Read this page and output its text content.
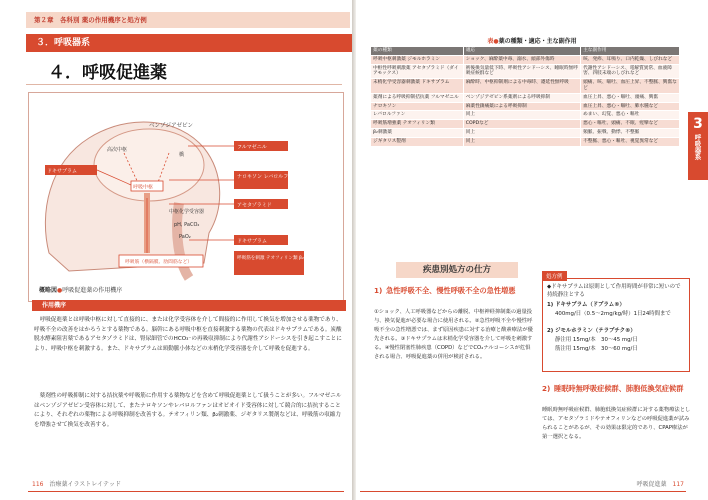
第２章　各科別 薬の作用機序と処方例
３．呼吸器系
４．呼吸促進薬
ベンゾジアゼピン
高次中枢
橋
呼吸中枢
中枢化学受容器
pH, PaCO₂
PaO₂
呼吸筋（横隔膜、肋間筋など）
ドキサプラム
フルマゼニル
ナロキソン レバロルファン
アセタゾラミド
ドキサプラム
呼吸筋を刺激 テオフィリン類 β₂刺激薬、ジギタリス
概略図●呼吸促進薬の作用機序
作用機序

呼吸促進薬とは呼吸中枢に対して直接的に、または化学受容体を介して間接的に作用して換気を増加させる薬物であり、呼吸不全の改善をはかろうとする薬物である。脳幹にある呼吸中枢を直接刺激する薬物の代表はドキサプラムである。炭酸脱水酵素阻害薬であるアセタゾラミドは、腎尿細管でのHCO₃⁻の再吸収抑制により代謝性アシドーシスを引き起こすことにより、呼吸中枢を刺激する。また、ドキサプラムは頸動脈小体などの末梢化学受容器を介して呼吸を促進する。

薬剤性の呼吸抑制に対する拮抗薬や呼吸筋に作用する薬物などを含めて呼吸促進薬として扱うことが多い。フルマゼニルはベンゾジアゼピン受容体に対して、またナロキソンやレバロルファンはオピオイド受容体に対して競合的に拮抗することにより、それぞれの薬物による呼吸抑制を改善する。テオフィリン類、β₂刺激薬、ジギタリス製剤などは、呼吸筋の収縮力を増強させて換気を改善する。

116 治療薬イラストレイテッド
表●薬の種類・適応・主な副作用
薬の種類	適応	主な副作用
呼吸中枢刺激薬 ジモルホラミン	ショック、麻酔薬中毒、溺水、頭部外傷時	咳、発疹、耳鳴り、口内乾燥、しびれなど
中枢性呼吸刺激薬 アセタゾラミド（ダイアモックス）	術後換気量低下時、呼吸性アシドーシス、睡眠時無呼吸症候群など	代謝性アシドーシス、電解質異常、血液障害、四肢末端のしびれなど
末梢化学受容器刺激薬 ドキサプラム	麻酔時、中枢抑制剤による中毒時、遷延性無呼吸	頭痛、咳、嘔吐、血圧上昇、不整脈、興奮など
薬剤による呼吸抑制拮抗薬 フルマゼニル	ベンゾジアゼピン系薬剤による呼吸抑制	血圧上昇、悪心・嘔吐、頭痛、興奮
ナロキソン	麻薬性鎮痛薬による呼吸抑制	血圧上昇、悪心・嘔吐、肺水腫など
レバロルファン	同上	めまい、幻覚、悪心・嘔吐
呼吸筋増強薬 テオフィリン類	COPDなど	悪心・嘔吐、頭痛、不眠、痙攣など
β₂刺激薬	同上	頻脈、振戦、動悸、不整脈
ジギタリス製剤	同上	不整脈、悪心・嘔吐、視覚異常など
3
呼吸器系
疾患別処方の仕方
1) 急性呼吸不全、慢性呼吸不全の急性増悪

①ショック、人工呼吸器などからの離脱、中枢神経抑制薬の過量投与、換気促進が必要な場合に使用される。②急性呼吸不全や慢性呼吸不全の急性増悪では、まず原因疾患に対する治療と酸素療法が優先される。③ドキサプラムは末梢化学受容器を介して呼吸を刺激する。④慢性閉塞性肺疾患（COPD）などでCO₂ナルコーシスが危惧される場合、呼吸促進薬の併用が検討される。

処方例
◆ドキサプラムは原則として作用時間が非常に短いので持続静注とする
1) ドキサプラム（ドプラム®）
400mg/日（0.5〜2mg/kg/時）1日24時間まで
2) ジモルホラミン（テラプチク®）
静注用 15mg/本　30〜45 mg/日
筋注用 15mg/本　30〜60 mg/日
2) 睡眠時無呼吸症候群、肺胞低換気症候群

睡眠時無呼吸症候群、肺胞低換気症候群に対する薬物療法としては、アセタゾラミドやテオフィリンなどの呼吸促進薬が試みられることがあるが、その効果は限定的であり、CPAP療法が第一選択となる。

呼吸促進薬 117
